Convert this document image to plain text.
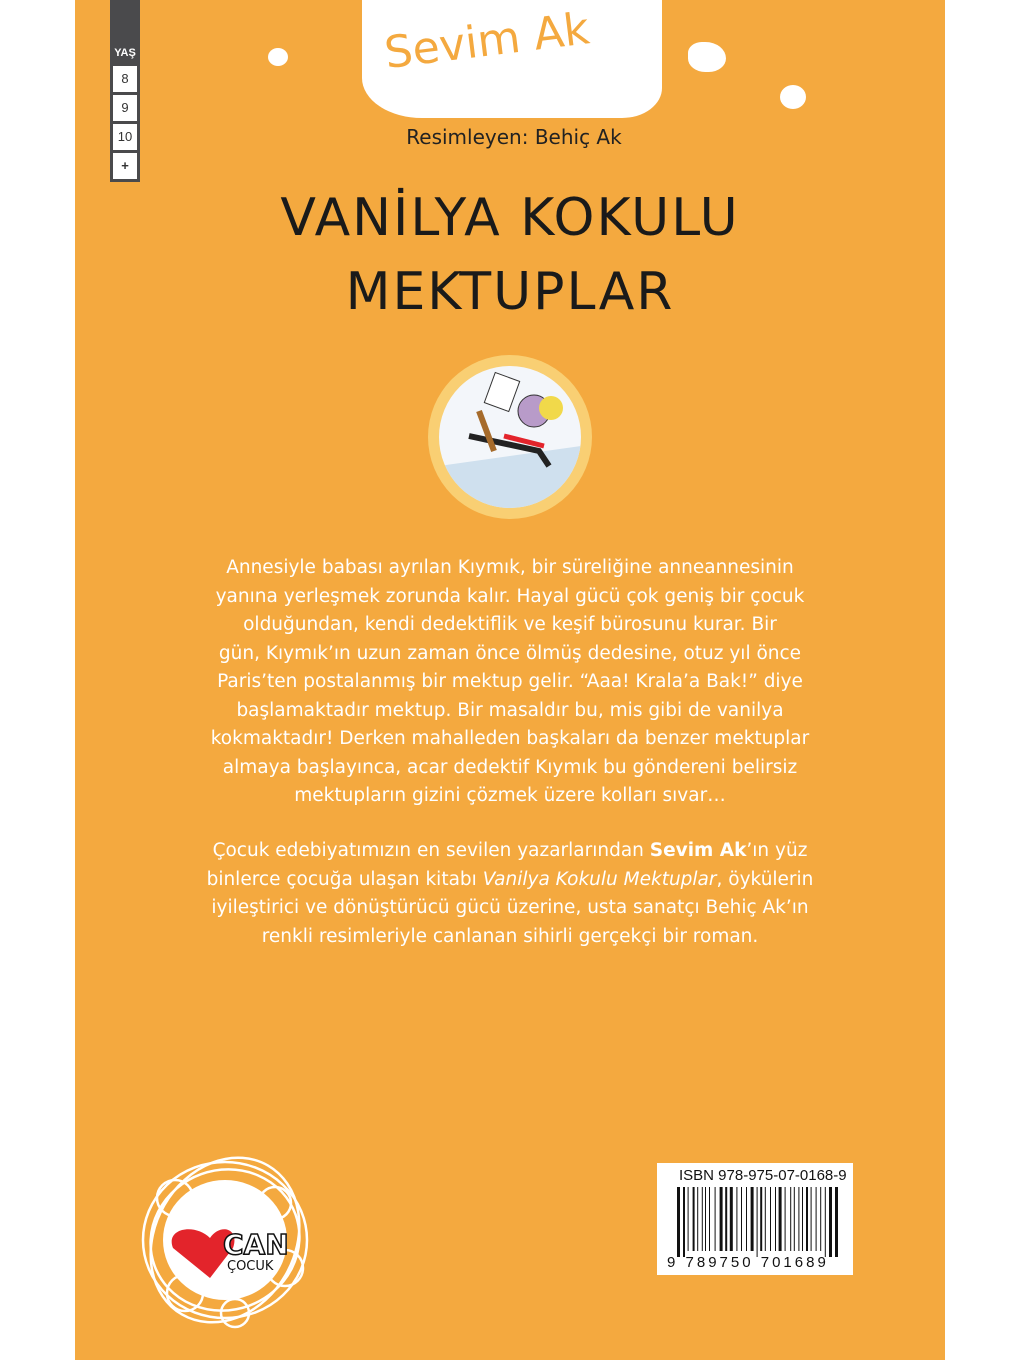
YAŞ
8
9
10
+
Sevim Ak
Resimleyen: Behiç Ak
VANİLYA KOKULU
MEKTUPLAR
Annesiyle babası ayrılan Kıymık, bir süreliğine anneannesinin
yanına yerleşmek zorunda kalır. Hayal gücü çok geniş bir çocuk
olduğundan, kendi dedektiflik ve keşif bürosunu kurar. Bir
gün, Kıymık’ın uzun zaman önce ölmüş dedesine, otuz yıl önce
Paris’ten postalanmış bir mektup gelir. “Aaa! Krala’a Bak!” diye
başlamaktadır mektup. Bir masaldır bu, mis gibi de vanilya
kokmaktadır! Derken mahalleden başkaları da benzer mektuplar
almaya başlayınca, acar dedektif Kıymık bu göndereni belirsiz
mektupların gizini çözmek üzere kolları sıvar…
Çocuk edebiyatımızın en sevilen yazarlarından Sevim Ak’ın yüz
binlerce çocuğa ulaşan kitabı Vanilya Kokulu Mektuplar, öykülerin
iyileştirici ve dönüştürücü gücü üzerine, usta sanatçı Behiç Ak’ın
renkli resimleriyle canlanan sihirli gerçekçi bir roman.
CAN
ÇOCUK
ISBN 978-975-07-0168-9
9 789750 701689
